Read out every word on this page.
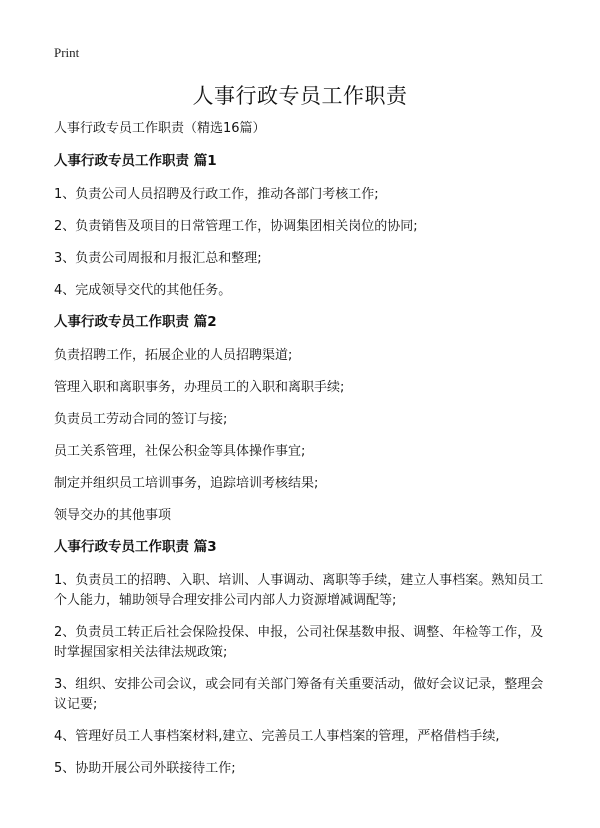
Print
人事行政专员工作职责

人事行政专员工作职责（精选16篇）

人事行政专员工作职责 篇1

1、负责公司人员招聘及行政工作，推动各部门考核工作;

2、负责销售及项目的日常管理工作，协调集团相关岗位的协同;

3、负责公司周报和月报汇总和整理;

4、完成领导交代的其他任务。

人事行政专员工作职责 篇2

负责招聘工作，拓展企业的人员招聘渠道;

管理入职和离职事务，办理员工的入职和离职手续;

负责员工劳动合同的签订与接;

员工关系管理，社保公积金等具体操作事宜;

制定并组织员工培训事务，追踪培训考核结果;

领导交办的其他事项

人事行政专员工作职责 篇3

1、负责员工的招聘、入职、培训、人事调动、离职等手续，建立人事档案。熟知员工个人能力，辅助领导合理安排公司内部人力资源增减调配等;

2、负责员工转正后社会保险投保、申报，公司社保基数申报、调整、年检等工作，及时掌握国家相关法律法规政策;

3、组织、安排公司会议，或会同有关部门筹备有关重要活动，做好会议记录，整理会议记要;

4、管理好员工人事档案材料,建立、完善员工人事档案的管理，严格借档手续,

5、协助开展公司外联接待工作;
